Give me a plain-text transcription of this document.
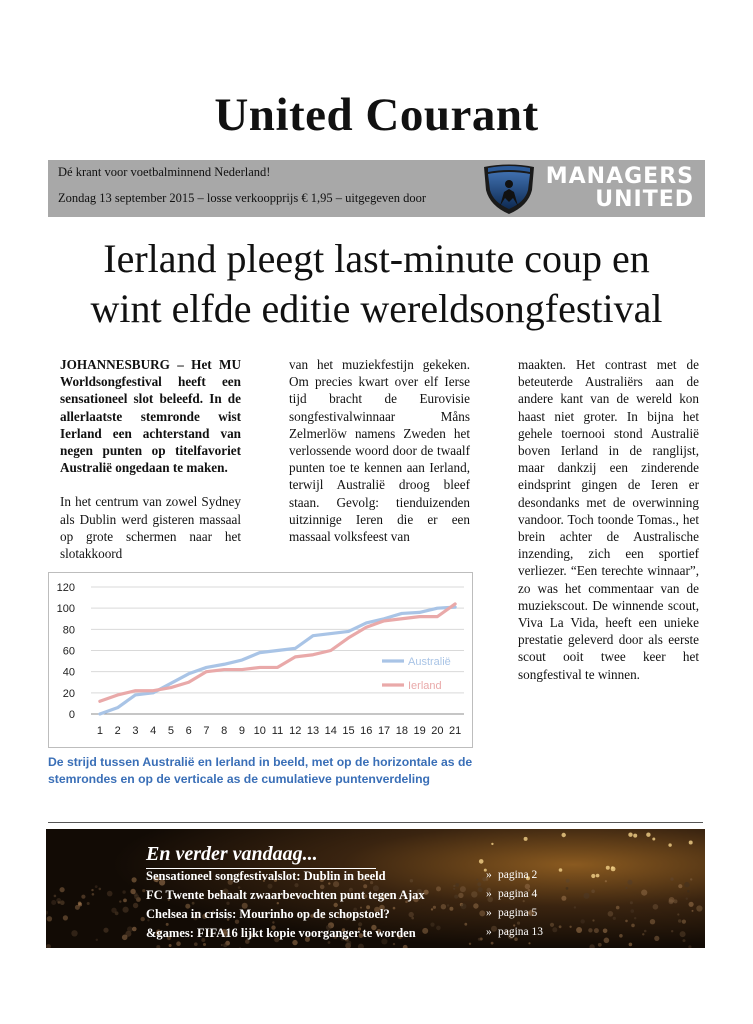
United Courant
Dé krant voor voetbalminnend Nederland!
Zondag 13 september 2015 – losse verkoopprijs € 1,95 – uitgegeven door
MANAGERS
UNITED
Ierland pleegt last-minute coup en
wint elfde editie wereldsongfestival

JOHANNESBURG – Het MU Worldsongfestival heeft een sensationeel slot beleefd. In de allerlaatste stemronde wist Ierland een achterstand van negen punten op titelfavoriet Australië ongedaan te maken.

In het centrum van zowel Sydney als Dublin werd gisteren massaal op grote schermen naar het slotakkoord

van het muziekfestijn gekeken. Om precies kwart over elf Ierse tijd bracht de Eurovisie songfestivalwinnaar Måns Zelmerlöw namens Zweden het verlossende woord door de twaalf punten toe te kennen aan Ierland, terwijl Australië droog bleef staan. Gevolg: tienduizenden uitzinnige Ieren die er een massaal volksfeest van

maakten. Het contrast met de beteuterde Australiërs aan de andere kant van de wereld kon haast niet groter. In bijna het gehele toernooi stond Australië boven Ierland in de ranglijst, maar dankzij een zinderende eindsprint gingen de Ieren er desondanks met de overwinning vandoor. Toch toonde Tomas., het brein achter de Australische inzending, zich een sportief verliezer. “Een terechte winnaar”, zo was het commentaar van de muziekscout. De winnende scout, Viva La Vida, heeft een unieke prestatie geleverd door als eerste scout ooit twee keer het songfestival te winnen.

0
20
40
60
80
100
120
1 2 3 4 5 6 7 8 9 10 11 12 13 14 15 16 17 18 19 20 21
Australië
Ierland
De strijd tussen Australië en Ierland in beeld, met op de horizontale as de stemrondes en op de verticale as de cumulatieve puntenverdeling
En verder vandaag...
Sensationeel songfestivalslot: Dublin in beeld	» pagina 2
FC Twente behaalt zwaarbevochten punt tegen Ajax	» pagina 4
Chelsea in crisis: Mourinho op de schopstoel?	» pagina 5
&games: FIFA16 lijkt kopie voorganger te worden	» pagina 13
